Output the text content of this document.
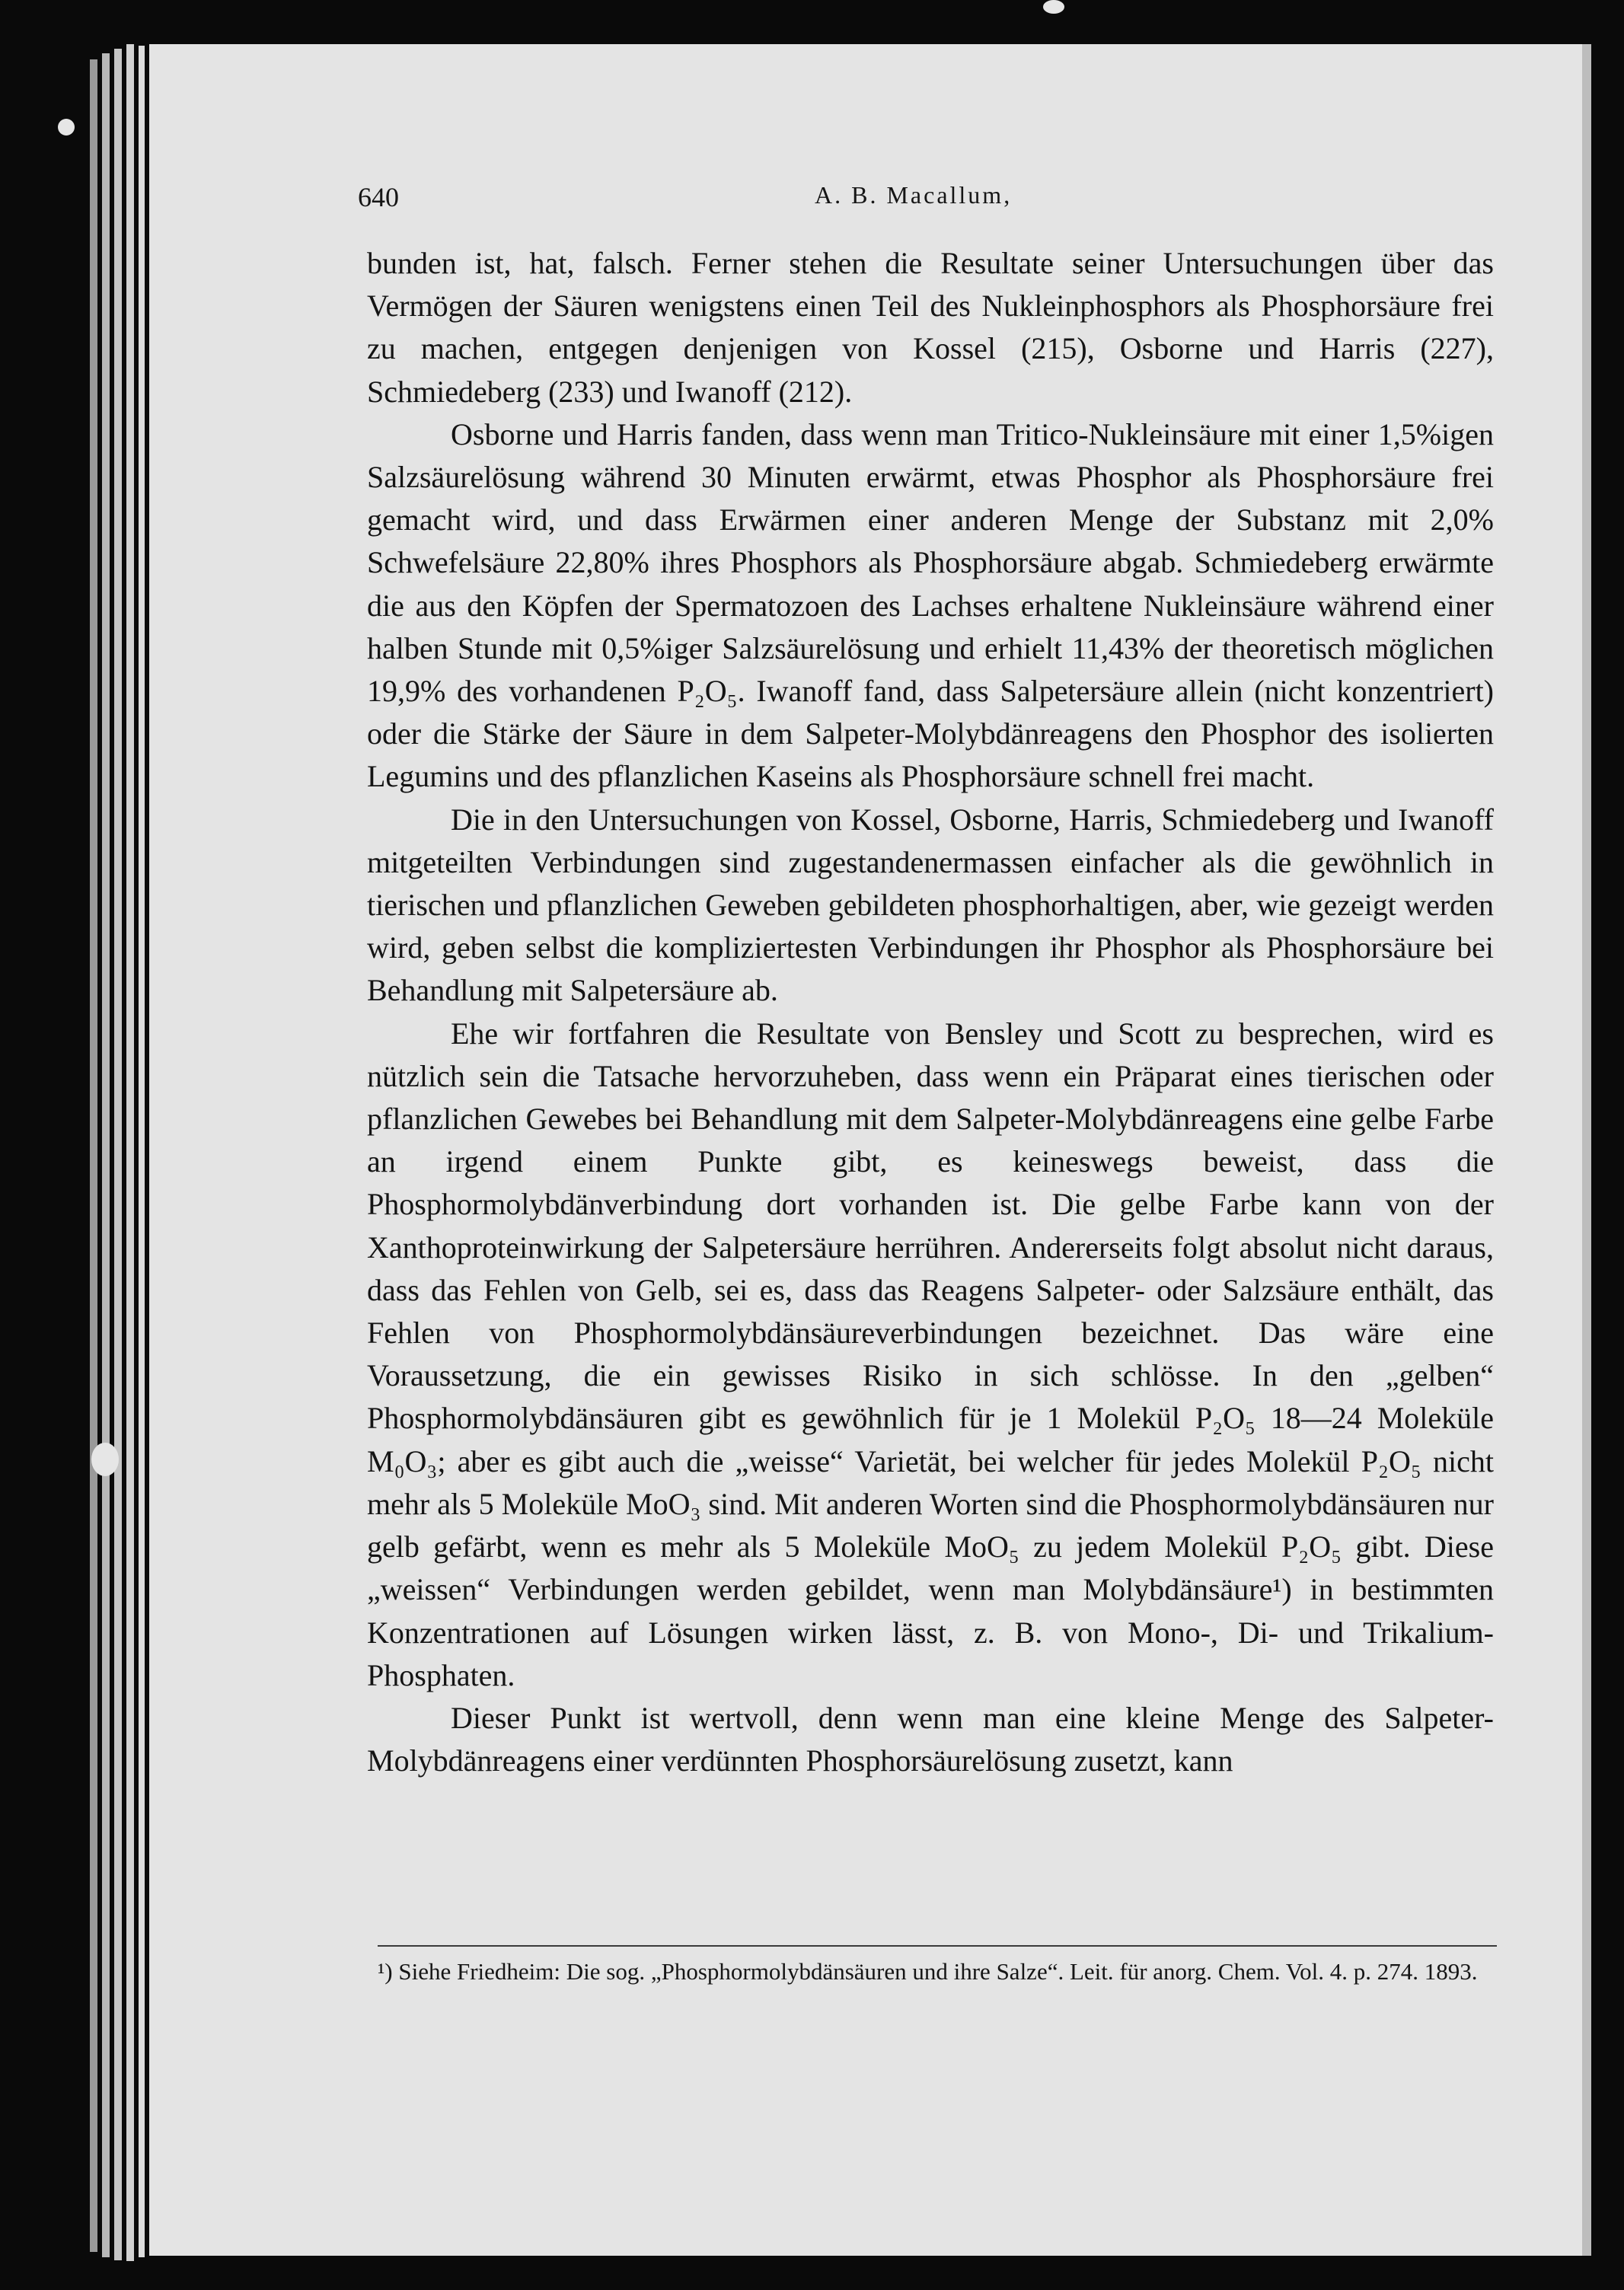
640	A. B. Macallum,

bunden ist, hat, falsch. Ferner stehen die Resultate seiner Untersuchungen über das Vermögen der Säuren wenigstens einen Teil des Nukleinphosphors als Phosphorsäure frei zu machen, entgegen denjenigen von Kossel (215), Osborne und Harris (227), Schmiedeberg (233) und Iwanoff (212).

Osborne und Harris fanden, dass wenn man Tritico-Nukleinsäure mit einer 1,5%igen Salzsäurelösung während 30 Minuten erwärmt, etwas Phosphor als Phosphorsäure frei gemacht wird, und dass Erwärmen einer anderen Menge der Substanz mit 2,0% Schwefelsäure 22,80% ihres Phosphors als Phosphorsäure abgab. Schmiedeberg erwärmte die aus den Köpfen der Spermatozoen des Lachses erhaltene Nukleinsäure während einer halben Stunde mit 0,5%iger Salzsäurelösung und erhielt 11,43% der theoretisch möglichen 19,9% des vorhandenen P₂O₅. Iwanoff fand, dass Salpetersäure allein (nicht konzentriert) oder die Stärke der Säure in dem Salpeter-Molybdänreagens den Phosphor des isolierten Legumins und des pflanzlichen Kaseins als Phosphorsäure schnell frei macht.

Die in den Untersuchungen von Kossel, Osborne, Harris, Schmiedeberg und Iwanoff mitgeteilten Verbindungen sind zugestandenermassen einfacher als die gewöhnlich in tierischen und pflanzlichen Geweben gebildeten phosphorhaltigen, aber, wie gezeigt werden wird, geben selbst die kompliziertesten Verbindungen ihr Phosphor als Phosphorsäure bei Behandlung mit Salpetersäure ab.

Ehe wir fortfahren die Resultate von Bensley und Scott zu besprechen, wird es nützlich sein die Tatsache hervorzuheben, dass wenn ein Präparat eines tierischen oder pflanzlichen Gewebes bei Behandlung mit dem Salpeter-Molybdänreagens eine gelbe Farbe an irgend einem Punkte gibt, es keineswegs beweist, dass die Phosphormolybdänverbindung dort vorhanden ist. Die gelbe Farbe kann von der Xanthoproteinwirkung der Salpetersäure herrühren. Andererseits folgt absolut nicht daraus, dass das Fehlen von Gelb, sei es, dass das Reagens Salpeter- oder Salzsäure enthält, das Fehlen von Phosphormolybdänsäureverbindungen bezeichnet. Das wäre eine Voraussetzung, die ein gewisses Risiko in sich schlösse. In den „gelben“ Phosphormolybdänsäuren gibt es gewöhnlich für je 1 Molekül P₂O₅ 18—24 Moleküle M₀O₃; aber es gibt auch die „weisse“ Varietät, bei welcher für jedes Molekül P₂O₅ nicht mehr als 5 Moleküle MoO₃ sind. Mit anderen Worten sind die Phosphormolybdänsäuren nur gelb gefärbt, wenn es mehr als 5 Moleküle MoO₅ zu jedem Molekül P₂O₅ gibt. Diese „weissen“ Verbindungen werden gebildet, wenn man Molybdänsäure¹) in bestimmten Konzentrationen auf Lösungen wirken lässt, z. B. von Mono-, Di- und Trikalium-Phosphaten.

Dieser Punkt ist wertvoll, denn wenn man eine kleine Menge des Salpeter-Molybdänreagens einer verdünnten Phosphorsäurelösung zusetzt, kann

¹) Siehe Friedheim: Die sog. „Phosphormolybdänsäuren und ihre Salze“. Leit. für anorg. Chem. Vol. 4. p. 274. 1893.
